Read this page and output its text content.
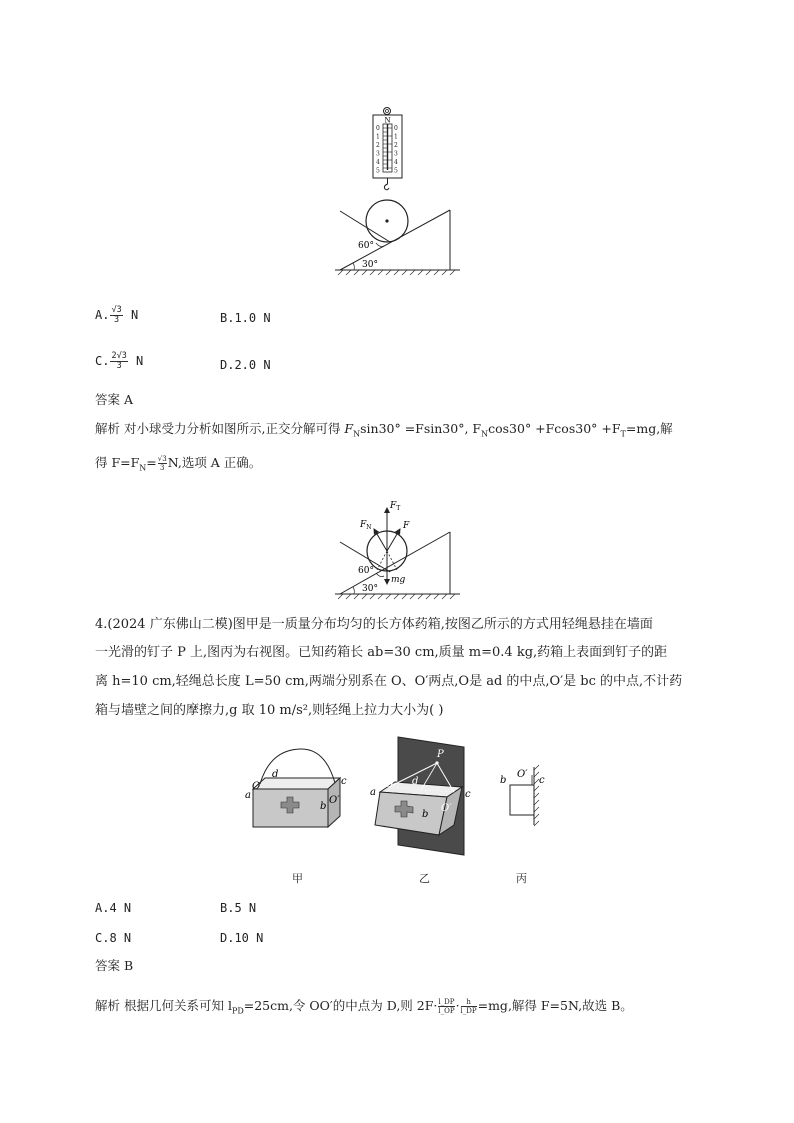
N
0
1
2
3
4
5
0
1
2
3
4
5
60°
30°
A. $\frac{√3}{3}$ N	B.1.0 N
C. $\frac{2√3}{3}$ N	D.2.0 N
答案 A
解析 对小球受力分析如图所示,正交分解可得 $F_N\sin 30^\circ =Fsin30^\circ$, $F_N\cos 30^\circ +Fcos30^\circ +F_T=mg$,解
得 $F=F_N= \frac{√3}{3} N$,选项 A 正确。
$F_T$
$F_N$	F
mg
60°
30°
4.(2024 广东佛山二模)图甲是一质量分布均匀的长方体药箱,按图乙所示的方式用轻绳悬挂在墙面
一光滑的钉子 P 上,图丙为右视图。已知药箱长 ab=30 cm,质量 m=0.4 kg,药箱上表面到钉子的距
离 h=10 cm,轻绳总长度 L=50 cm,两端分别系在 O、O′两点,O是 ad 的中点,O′是 bc 的中点,不计药
箱与墙壁之间的摩擦力,g 取 10 m/s²,则轻绳上拉力大小为( )
a
O
d
b
O′
c
P
a
O d
b
O′
c
b
O′
c
甲	乙	丙
A.4 N	B.5 N
C.8 N	D.10 N
答案 B
解析 根据几何关系可知 $l_{PD}=25cm$,令 OO′的中点为 D,则 $2F\cdot \frac{l\_DP}{l\_OP} \cdot \frac{h}{l\_DP} =mg$,解得 F=5N,故选 B。
